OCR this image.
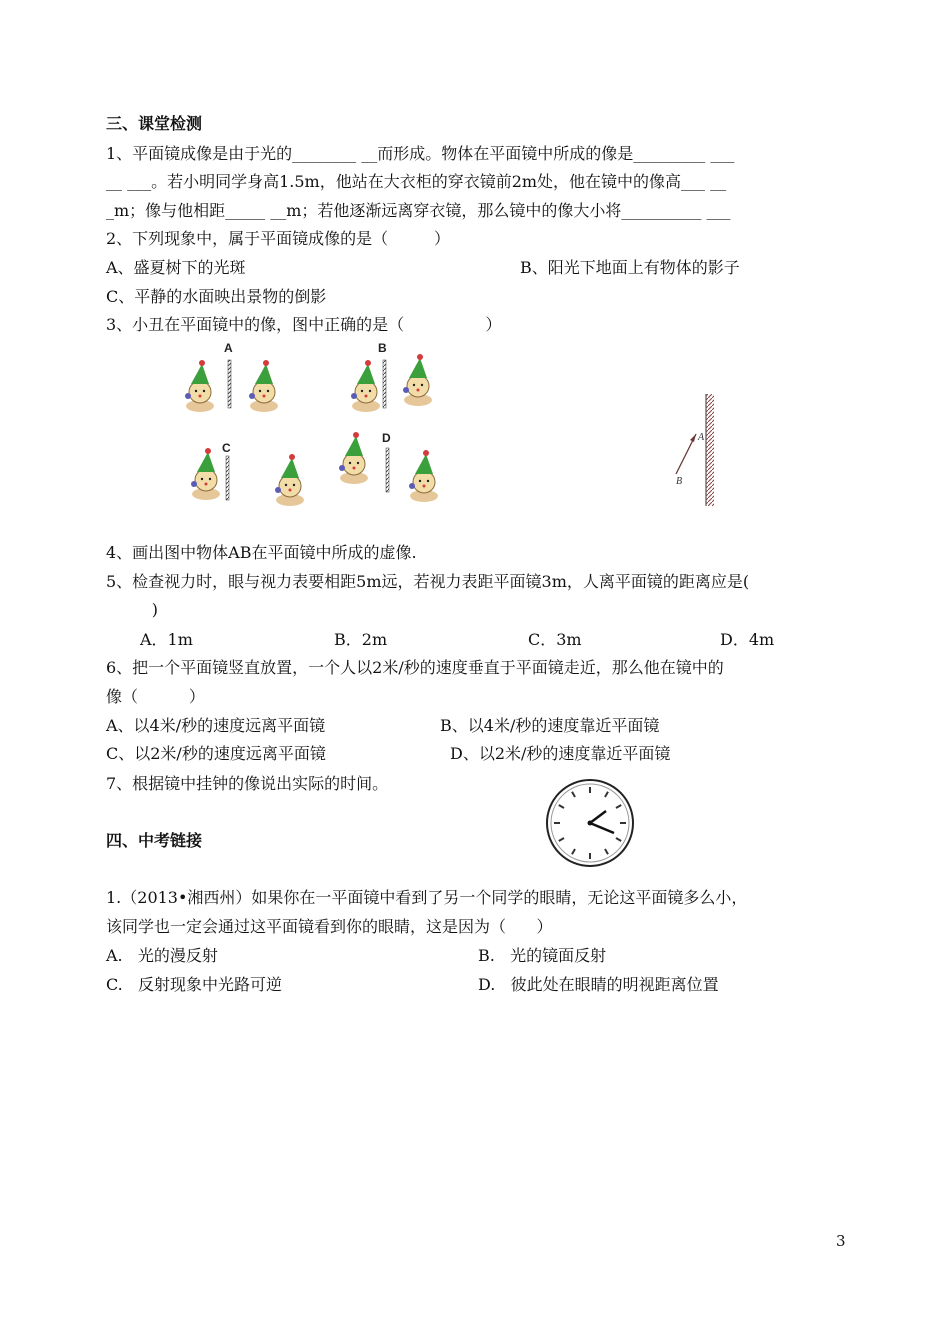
三、课堂检测
1、平面镜成像是由于光的________ __而形成。物体在平面镜中所成的像是_________ ___
__ ___。若小明同学身高1.5m，他站在大衣柜的穿衣镜前2m处，他在镜中的像高___ __
_m；像与他相距_____ __m；若他逐渐远离穿衣镜，那么镜中的像大小将__________ ___
2、下列现象中，属于平面镜成像的是（         ）
A、盛夏树下的光斑	B、阳光下地面上有物体的影子
C、平静的水面映出景物的倒影
3、小丑在平面镜中的像，图中正确的是（                ）
A	B
C
D	A
B
4、画出图中物体AB在平面镜中所成的虚像.
5、检查视力时，眼与视力表要相距5m远，若视力表距平面镜3m，人离平面镜的距离应是(
)
A．1m	B．2m	C．3m	D．4m
6、把一个平面镜竖直放置，一个人以2米/秒的速度垂直于平面镜走近，那么他在镜中的
像（          ）
A、以4米/秒的速度远离平面镜	B、以4米/秒的速度靠近平面镜
C、以2米/秒的速度远离平面镜	D、以2米/秒的速度靠近平面镜
7、根据镜中挂钟的像说出实际的时间。
四、中考链接
1.（2013•湘西州）如果你在一平面镜中看到了另一个同学的眼睛，无论这平面镜多么小，
该同学也一定会通过这平面镜看到你的眼睛，这是因为（      ）
A.   光的漫反射	B.   光的镜面反射
C.   反射现象中光路可逆	D.   彼此处在眼睛的明视距离位置
3
